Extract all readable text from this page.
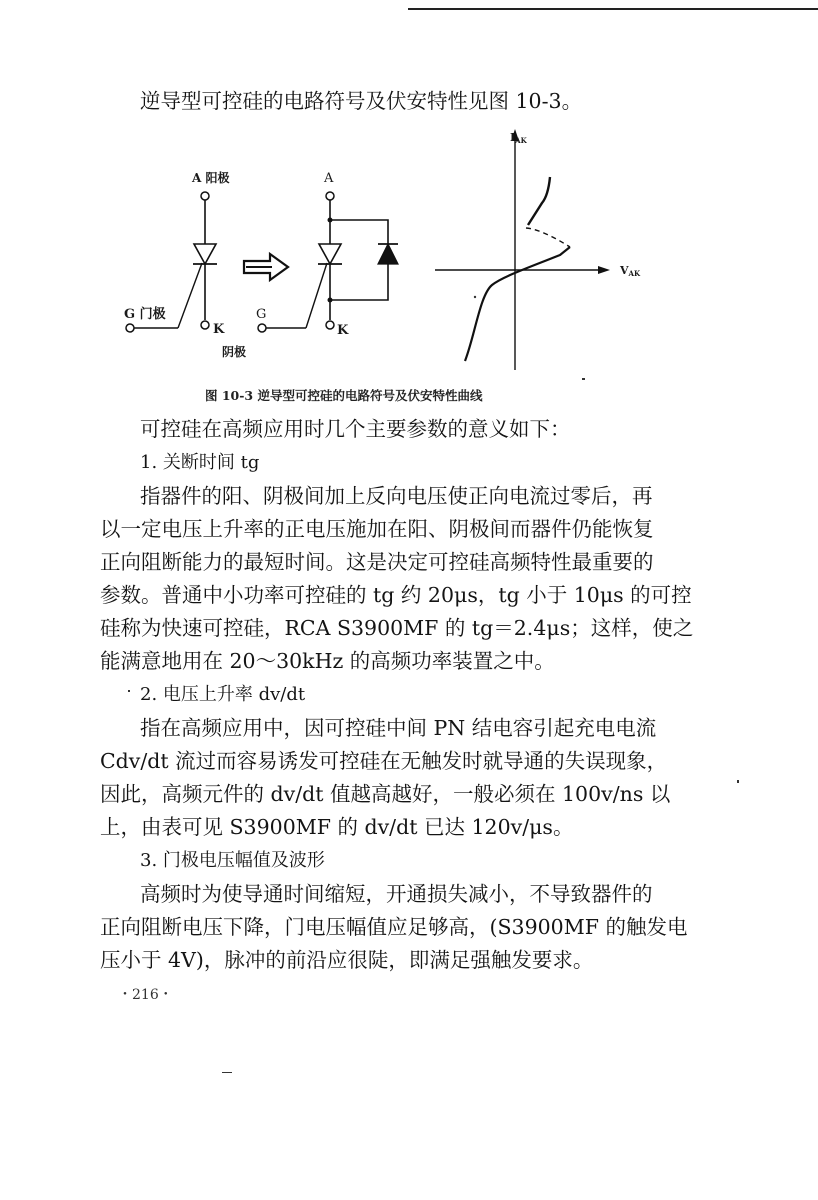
逆导型可控硅的电路符号及伏安特性见图 10-3。
A 阳极
K
G 门极
阴极
A
K
G
IAK
VAK
图 10-3 逆导型可控硅的电路符号及伏安特性曲线
可控硅在高频应用时几个主要参数的意义如下：
1. 关断时间 tg
指器件的阳、阴极间加上反向电压使正向电流过零后，再
以一定电压上升率的正电压施加在阳、阴极间而器件仍能恢复
正向阻断能力的最短时间。这是决定可控硅高频特性最重要的
参数。普通中小功率可控硅的 tg 约 20μs，tg 小于 10μs 的可控
硅称为快速可控硅，RCA S3900MF 的 tg＝2.4μs；这样，使之
能满意地用在 20～30kHz 的高频功率装置之中。
2. 电压上升率 dv/dt
指在高频应用中，因可控硅中间 PN 结电容引起充电电流
Cdv/dt 流过而容易诱发可控硅在无触发时就导通的失误现象，
因此，高频元件的 dv/dt 值越高越好，一般必须在 100v/ns 以
上，由表可见 S3900MF 的 dv/dt 已达 120v/μs。
3. 门极电压幅值及波形
高频时为使导通时间缩短，开通损失减小，不导致器件的
正向阻断电压下降，门电压幅值应足够高，(S3900MF 的触发电
压小于 4V)，脉冲的前沿应很陡，即满足强触发要求。
・216・
